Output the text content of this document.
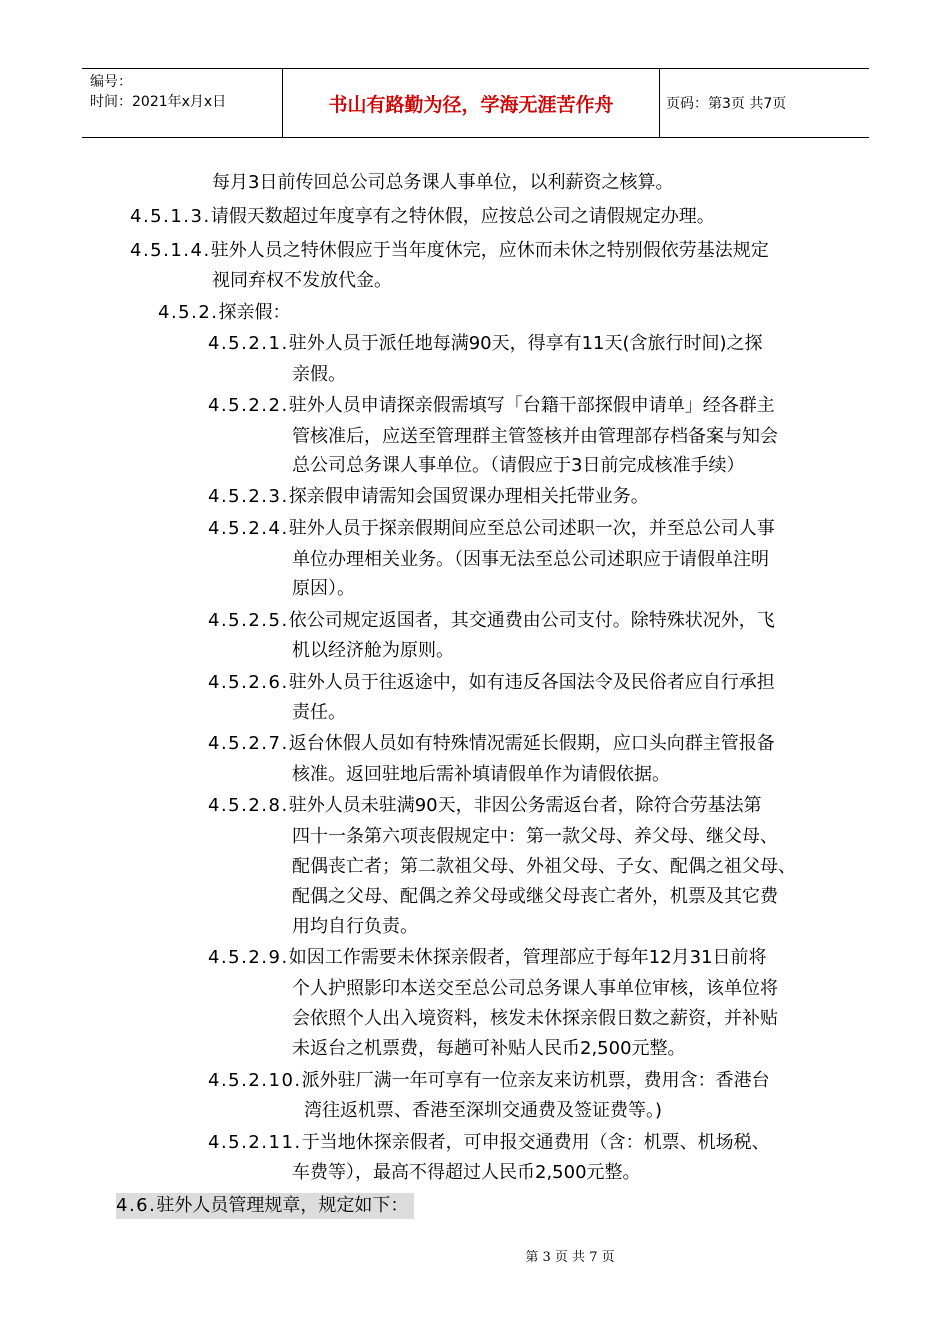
编号：
时间：2021年x月x日	书山有路勤为径，学海无涯苦作舟	页码：第3页 共7页
每月3日前传回总公司总务课人事单位，以利薪资之核算。
4.5.1.3.请假天数超过年度享有之特休假，应按总公司之请假规定办理。
4.5.1.4.驻外人员之特休假应于当年度休完，应休而未休之特别假依劳基法规定
视同弃权不发放代金。
4.5.2.探亲假：
4.5.2.1.驻外人员于派任地每满90天，得享有11天(含旅行时间)之探
亲假。
4.5.2.2.驻外人员申请探亲假需填写「台籍干部探假申请单」经各群主
管核准后，应送至管理群主管签核并由管理部存档备案与知会
总公司总务课人事单位。（请假应于3日前完成核准手续）
4.5.2.3.探亲假申请需知会国贸课办理相关托带业务。
4.5.2.4.驻外人员于探亲假期间应至总公司述职一次，并至总公司人事
单位办理相关业务。（因事无法至总公司述职应于请假单注明
原因）。
4.5.2.5.依公司规定返国者，其交通费由公司支付。除特殊状况外，飞
机以经济舱为原则。
4.5.2.6.驻外人员于往返途中，如有违反各国法令及民俗者应自行承担
责任。
4.5.2.7.返台休假人员如有特殊情况需延长假期，应口头向群主管报备
核准。返回驻地后需补填请假单作为请假依据。
4.5.2.8.驻外人员未驻满90天，非因公务需返台者，除符合劳基法第
四十一条第六项丧假规定中：第一款父母、养父母、继父母、
配偶丧亡者；第二款祖父母、外祖父母、子女、配偶之祖父母、
配偶之父母、配偶之养父母或继父母丧亡者外，机票及其它费
用均自行负责。
4.5.2.9.如因工作需要未休探亲假者，管理部应于每年12月31日前将
个人护照影印本送交至总公司总务课人事单位审核，该单位将
会依照个人出入境资料，核发未休探亲假日数之薪资，并补贴
未返台之机票费，每趟可补贴人民币2,500元整。
4.5.2.10.派外驻厂满一年可享有一位亲友来访机票，费用含：香港台
湾往返机票、香港至深圳交通费及签证费等。)
4.5.2.11.于当地休探亲假者，可申报交通费用（含：机票、机场税、
车费等），最高不得超过人民币2,500元整。
4.6.驻外人员管理规章，规定如下：
第 3 页 共 7 页
